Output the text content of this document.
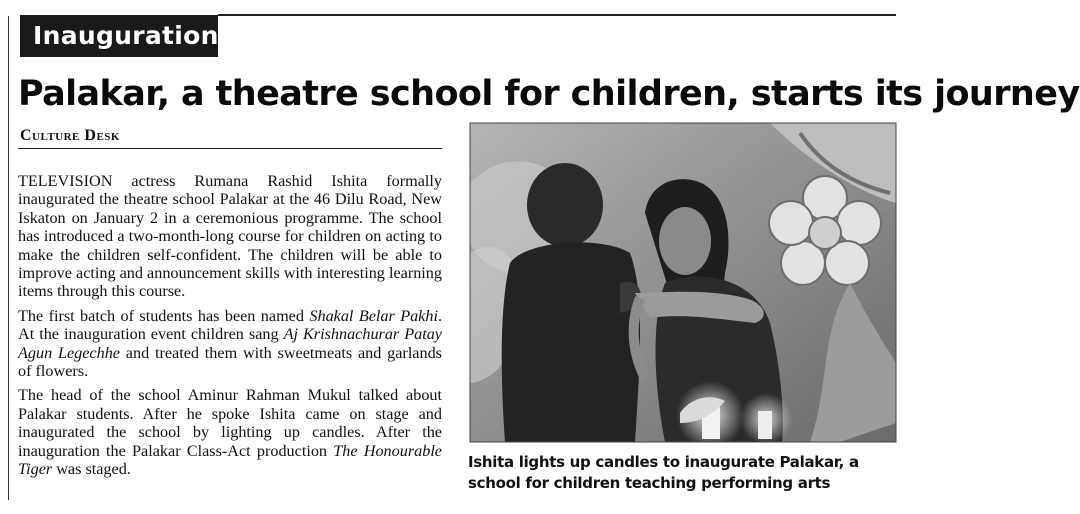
Inauguration
Palakar, a theatre school for children, starts its journey
Culture Desk

TELEVISION actress Rumana Rashid Ishita formally inaugurated the theatre school Palakar at the 46 Dilu Road, New Iskaton on January 2 in a ceremonious programme. The school has introduced a two-month-long course for children on acting to make the children self-confident. The children will be able to improve acting and announcement skills with interesting learning items through this course.

The first batch of students has been named Shakal Belar Pakhi. At the inauguration event children sang Aj Krishnachurar Patay Agun Legechhe and treated them with sweetmeats and garlands of flowers.

The head of the school Aminur Rahman Mukul talked about Palakar students. After he spoke Ishita came on stage and inaugurated the school by lighting up candles. After the inauguration the Palakar Class-Act production The Honourable Tiger was staged.	Ishita lights up candles to inaugurate Palakar, a school for children teaching performing arts
